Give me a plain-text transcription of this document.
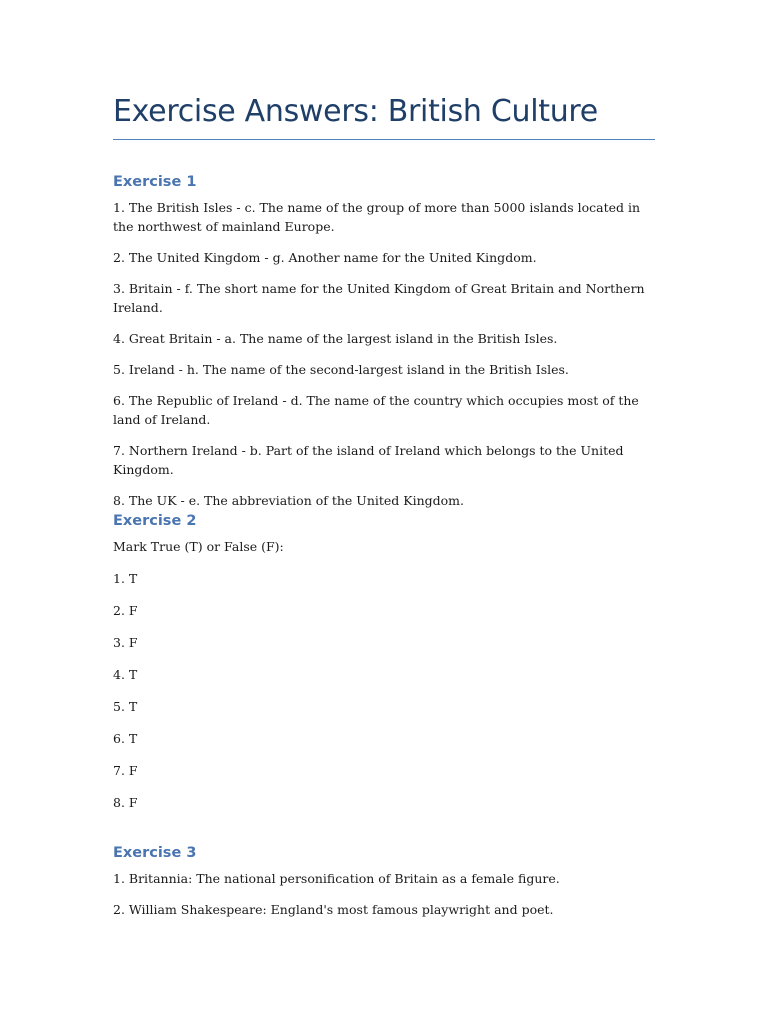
Exercise Answers: British Culture
Exercise 1

1. The British Isles - c. The name of the group of more than 5000 islands located in the northwest of mainland Europe.

2. The United Kingdom - g. Another name for the United Kingdom.

3. Britain - f. The short name for the United Kingdom of Great Britain and Northern Ireland.

4. Great Britain - a. The name of the largest island in the British Isles.

5. Ireland - h. The name of the second-largest island in the British Isles.

6. The Republic of Ireland - d. The name of the country which occupies most of the land of Ireland.

7. Northern Ireland - b. Part of the island of Ireland which belongs to the United Kingdom.

8. The UK - e. The abbreviation of the United Kingdom.

Exercise 2

Mark True (T) or False (F):

1. T

2. F

3. F

4. T

5. T

6. T

7. F

8. F

Exercise 3

1. Britannia: The national personification of Britain as a female figure.

2. William Shakespeare: England's most famous playwright and poet.
